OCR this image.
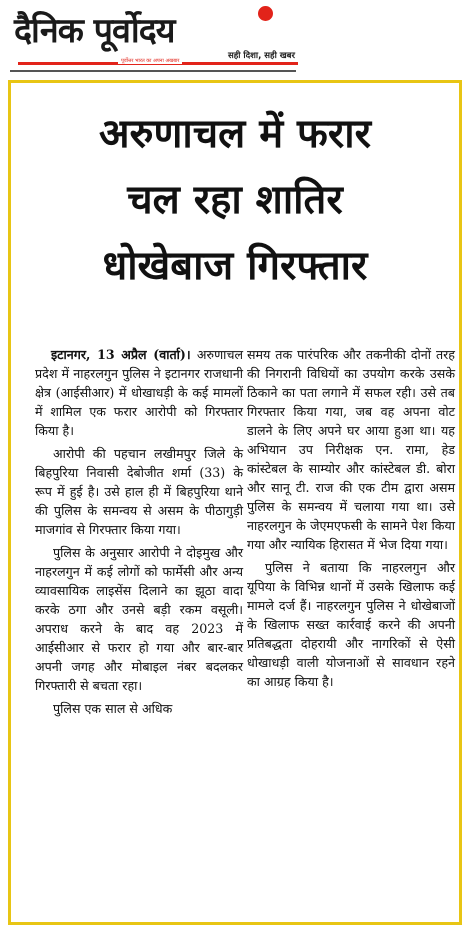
दैनिक पूर्वोदय
पूर्वोत्तर भारत का अपना अखबार	सही दिशा, सही खबर
अरुणाचल में फरार
चल रहा शातिर
धोखेबाज गिरफ्तार

इटानगर, 13 अप्रैल (वार्ता)। अरुणाचल प्रदेश में नाहरलगुन पुलिस ने इटानगर राजधानी क्षेत्र (आईसीआर) में धोखाधड़ी के कई मामलों में शामिल एक फरार आरोपी को गिरफ्तार किया है।

आरोपी की पहचान लखीमपुर जिले के बिहपुरिया निवासी देबोजीत शर्मा (33) के रूप में हुई है। उसे हाल ही में बिहपुरिया थाने की पुलिस के समन्वय से असम के पीठागुड़ी माजगांव से गिरफ्तार किया गया।

पुलिस के अनुसार आरोपी ने दोइमुख और नाहरलगुन में कई लोगों को फार्मेसी और अन्य व्यावसायिक लाइसेंस दिलाने का झूठा वादा करके ठगा और उनसे बड़ी रकम वसूली। अपराध करने के बाद वह 2023 में आईसीआर से फरार हो गया और बार-बार अपनी जगह और मोबाइल नंबर बदलकर गिरफ्तारी से बचता रहा।

पुलिस एक साल से अधिक

समय तक पारंपरिक और तकनीकी दोनों तरह की निगरानी विधियों का उपयोग करके उसके ठिकाने का पता लगाने में सफल रही। उसे तब गिरफ्तार किया गया, जब वह अपना वोट डालने के लिए अपने घर आया हुआ था। यह अभियान उप निरीक्षक एन. रामा, हेड कांस्टेबल के साम्योर और कांस्टेबल डी. बोरा और सानू टी. राज की एक टीम द्वारा असम पुलिस के समन्वय में चलाया गया था। उसे नाहरलगुन के जेएमएफसी के सामने पेश किया गया और न्यायिक हिरासत में भेज दिया गया।

पुलिस ने बताया कि नाहरलगुन और यूपिया के विभिन्न थानों में उसके खिलाफ कई मामले दर्ज हैं। नाहरलगुन पुलिस ने धोखेबाजों के खिलाफ सख्त कार्रवाई करने की अपनी प्रतिबद्धता दोहरायी और नागरिकों से ऐसी धोखाधड़ी वाली योजनाओं से सावधान रहने का आग्रह किया है।
